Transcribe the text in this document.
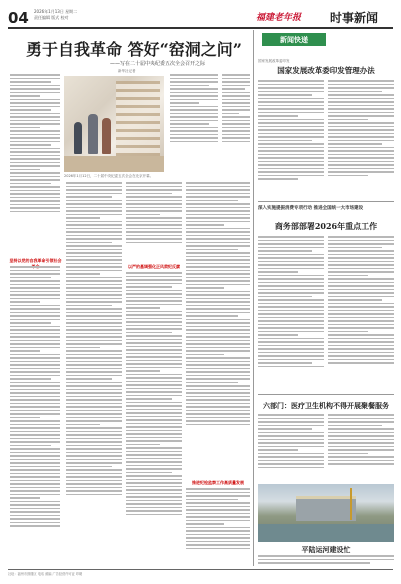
04 2026年1月13日 星期二
责任编辑 版式 校对	福建老年报 时事新闻
勇于自我革命 答好“窑洞之问”
——写在二十届中央纪委五次全会召开之际
新华社记者
2026年1月12日，二十届中央纪委五次全会在北京开幕。
坚持以党的自我革命引领社会
以严的基调强化正风肃纪反腐
推进纪检监察工作高质量发展
新闻快递
国家发展改革委印发
国家发展改革委印发管理办法
深入实施提振消费专项行动 推进全国统一大市场建设
商务部部署2026年重点工作
六部门：医疗卫生机构不得开展聚餐服务
平陆运河建设忙
社址：福州市鼓楼区 电话 邮编 广告经营许可证 印刷
